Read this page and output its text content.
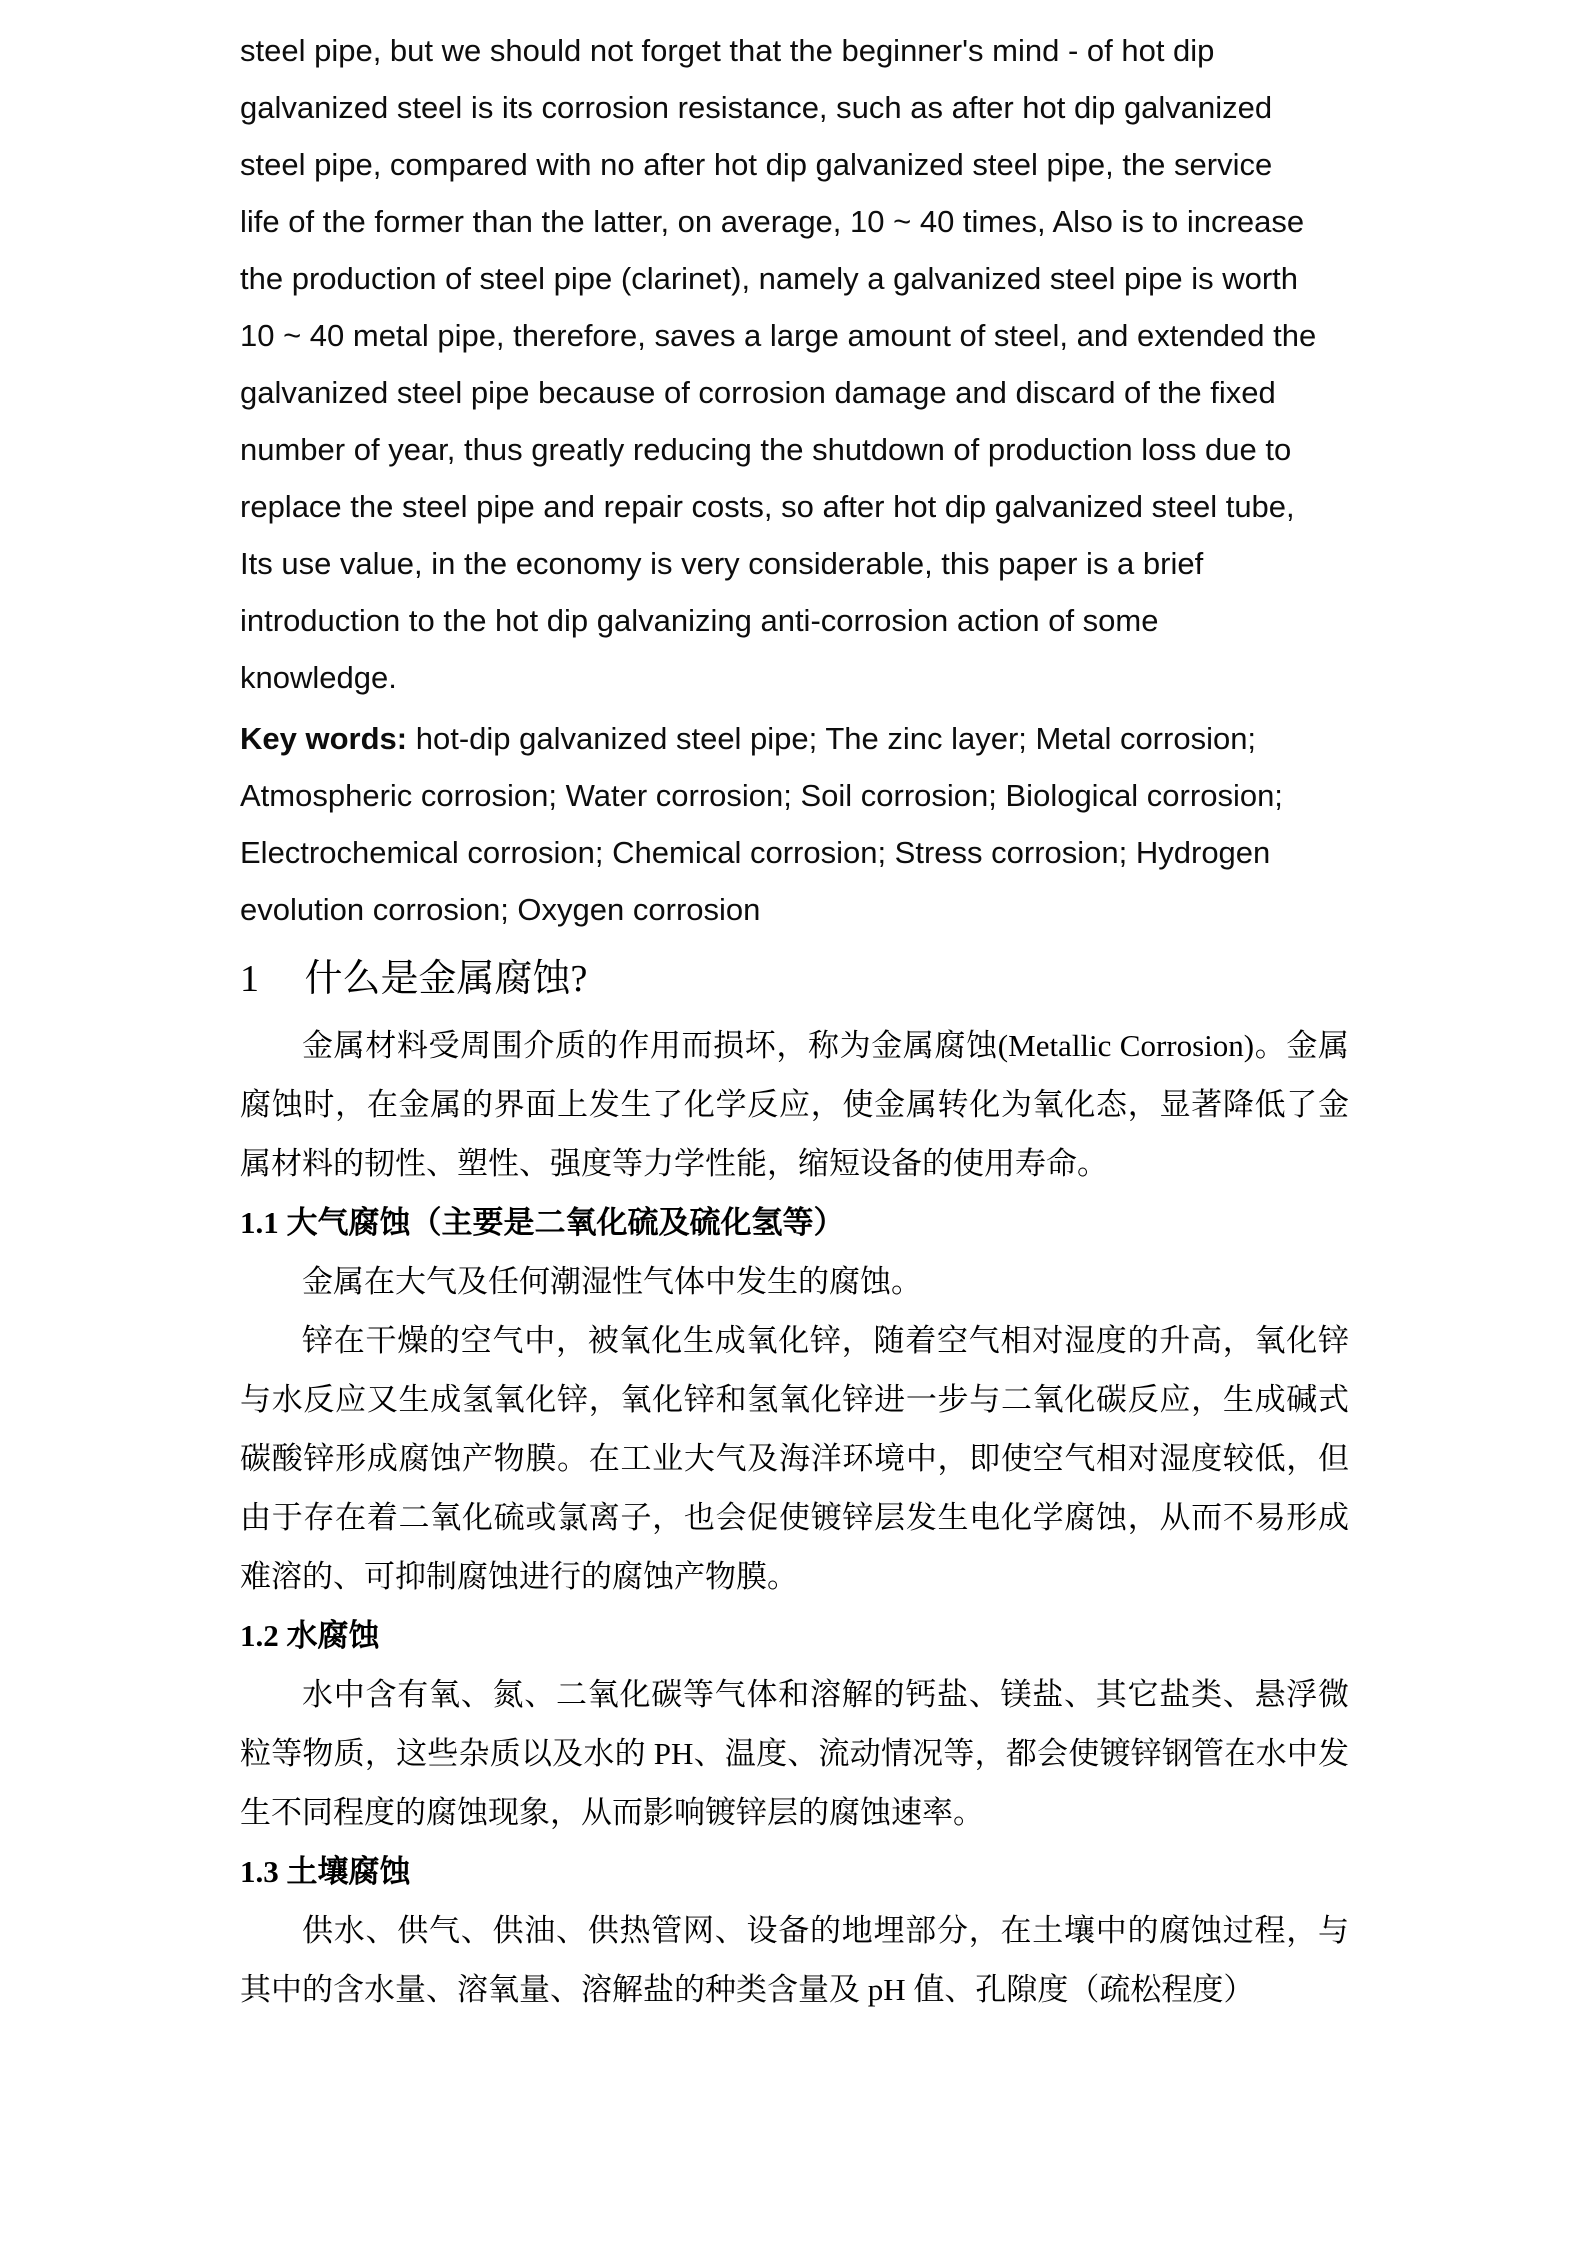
steel pipe, but we should not forget that the beginner's mind - of hot dip galvanized steel is its corrosion resistance, such as after hot dip galvanized steel pipe, compared with no after hot dip galvanized steel pipe, the service life of the former than the latter, on average, 10 ~ 40 times, Also is to increase the production of steel pipe (clarinet), namely a galvanized steel pipe is worth 10 ~ 40 metal pipe, therefore, saves a large amount of steel, and extended the galvanized steel pipe because of corrosion damage and discard of the fixed number of year, thus greatly reducing the shutdown of production loss due to replace the steel pipe and repair costs, so after hot dip galvanized steel tube, Its use value, in the economy is very considerable, this paper is a brief introduction to the hot dip galvanizing anti-corrosion action of some knowledge.

Key words: hot-dip galvanized steel pipe; The zinc layer; Metal corrosion; Atmospheric corrosion; Water corrosion; Soil corrosion; Biological corrosion; Electrochemical corrosion; Chemical corrosion; Stress corrosion; Hydrogen evolution corrosion; Oxygen corrosion

1 什么是金属腐蚀?

金属材料受周围介质的作用而损坏，称为金属腐蚀(Metallic Corrosion)。金属腐蚀时，在金属的界面上发生了化学反应，使金属转化为氧化态，显著降低了金属材料的韧性、塑性、强度等力学性能，缩短设备的使用寿命。

1.1 大气腐蚀（主要是二氧化硫及硫化氢等）

金属在大气及任何潮湿性气体中发生的腐蚀。

锌在干燥的空气中，被氧化生成氧化锌，随着空气相对湿度的升高，氧化锌与水反应又生成氢氧化锌，氧化锌和氢氧化锌进一步与二氧化碳反应，生成碱式碳酸锌形成腐蚀产物膜。在工业大气及海洋环境中，即使空气相对湿度较低，但由于存在着二氧化硫或氯离子，也会促使镀锌层发生电化学腐蚀，从而不易形成难溶的、可抑制腐蚀进行的腐蚀产物膜。

1.2 水腐蚀

水中含有氧、氮、二氧化碳等气体和溶解的钙盐、镁盐、其它盐类、悬浮微粒等物质，这些杂质以及水的 PH、温度、流动情况等，都会使镀锌钢管在水中发生不同程度的腐蚀现象，从而影响镀锌层的腐蚀速率。

1.3 土壤腐蚀

供水、供气、供油、供热管网、设备的地埋部分，在土壤中的腐蚀过程，与其中的含水量、溶氧量、溶解盐的种类含量及 pH 值、孔隙度（疏松程度）
